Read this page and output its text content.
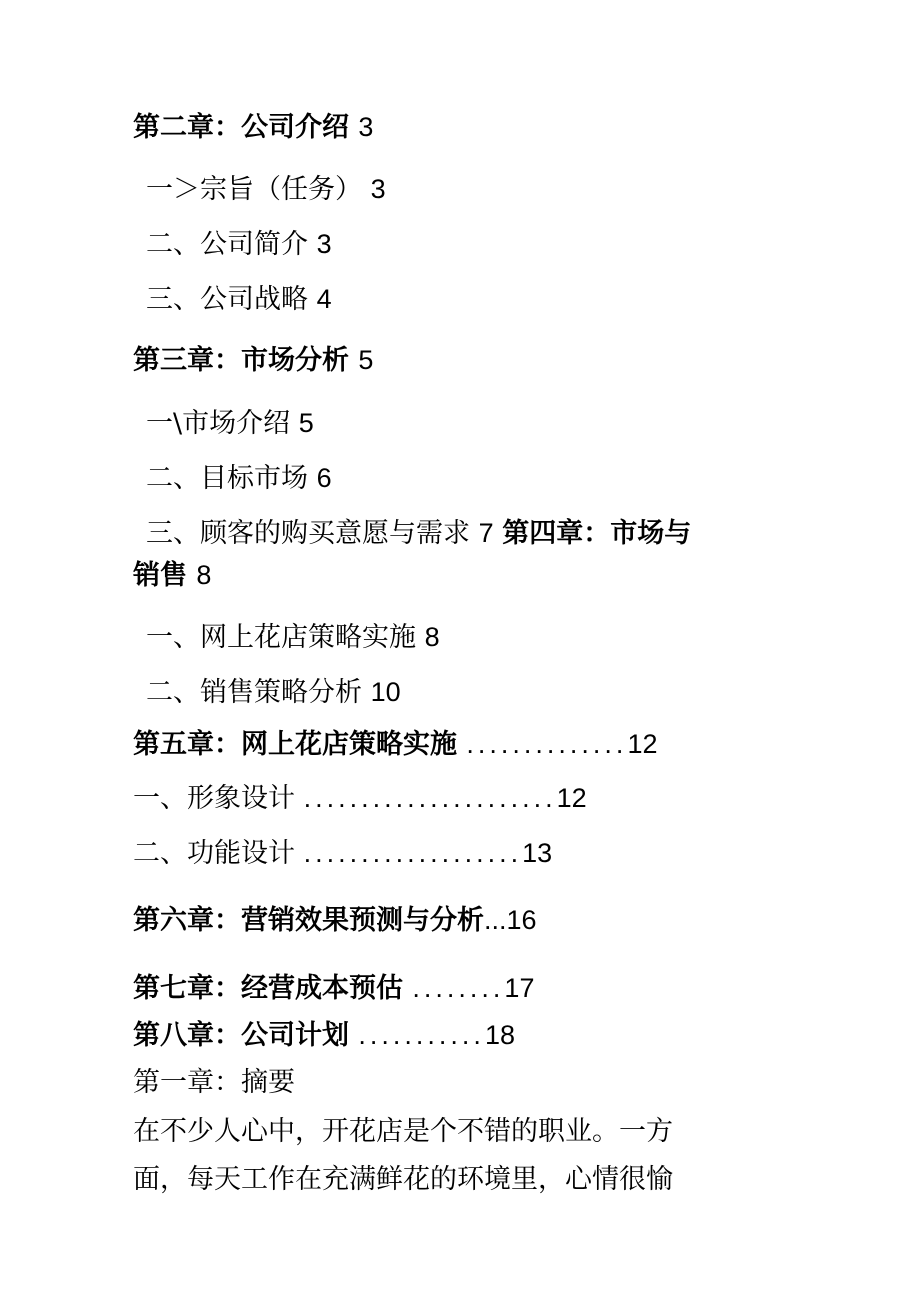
第二章：公司介绍 3
一＞宗旨（任务） 3
二、公司简介 3
三、公司战略 4
第三章：市场分析 5
一\市场介绍 5
二、目标市场 6
三、顾客的购买意愿与需求 7 第四章：市场与
销售 8
一、网上花店策略实施 8
二、销售策略分析 10
第五章：网上花店策略实施 ..............12
一、形象设计 ......................12
二、功能设计 ...................13
第六章：营销效果预测与分析...16
第七章：经营成本预估 ........17
第八章：公司计划 ...........18
第一章：摘要
在不少人心中，开花店是个不错的职业。一方
面，每天工作在充满鲜花的环境里，心情很愉
